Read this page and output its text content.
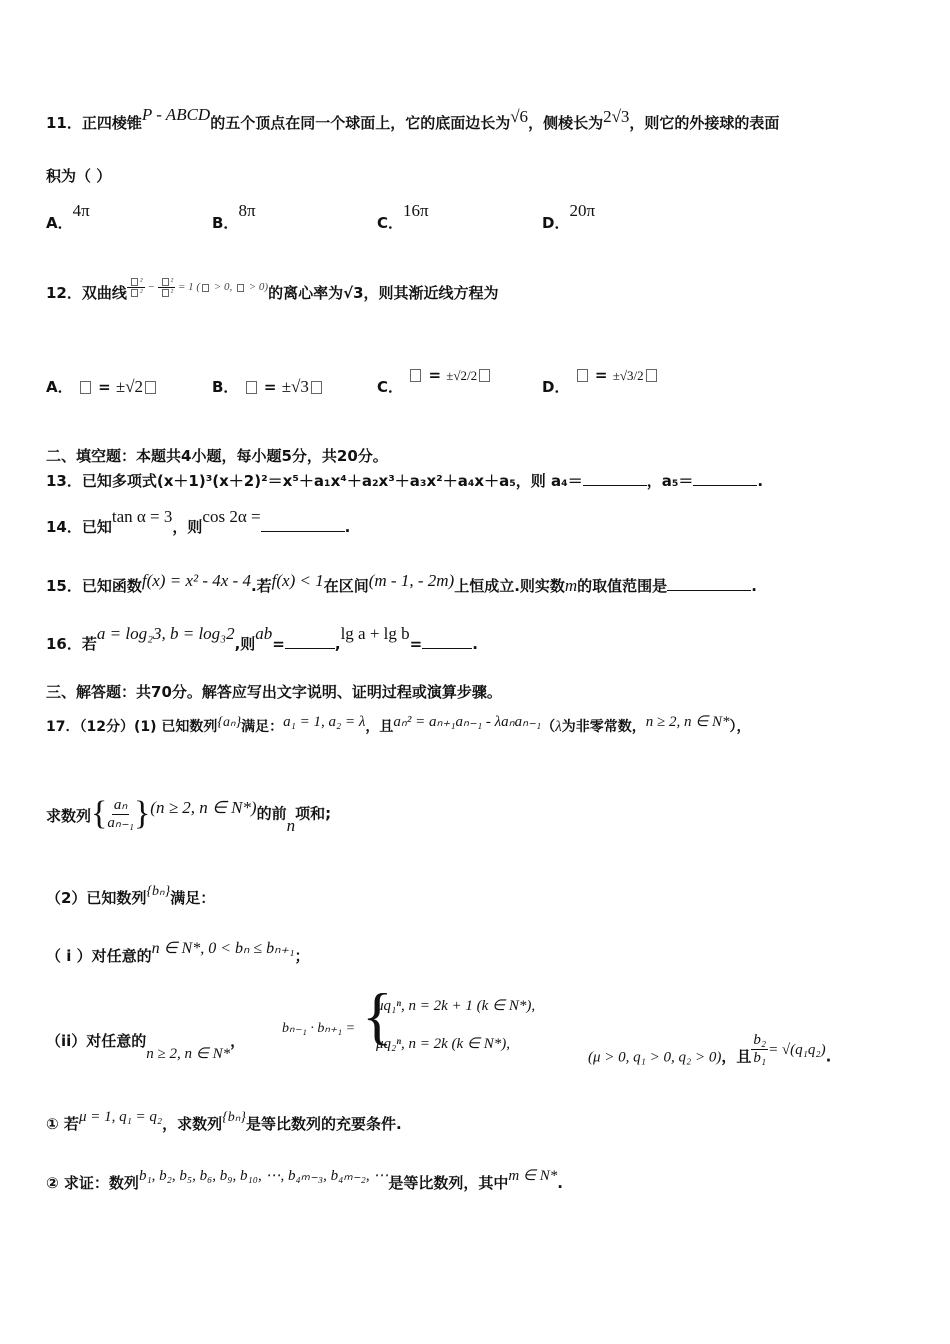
11．正四棱锥P - ABCD的五个顶点在同一个球面上，它的底面边长为√6，侧棱长为2√3，则它的外接球的表面
积为（ ）
A．4π
B．8π
C．16π
D．20π
12．双曲线 $\frac{\text{²}}{\text{²}} - \frac{\text{²}}{\text{²}} = 1$ ( > 0,  > 0)的离心率为√3，则其渐近线方程为
A．  = ±√2	B．  = ±√3	C．  = ±√2/2
D．  = ±√3/2
二、填空题：本题共4小题，每小题5分，共20分。
13．已知多项式(x＋1)³(x＋2)²＝x⁵＋a₁x⁴＋a₂x³＋a₃x²＋a₄x＋a₅，则 a₄＝	，a₅＝	.
14．已知tan α = 3，则cos 2α =.
15．已知函数f(x) = x² - 4x - 4.若f(x) < 1在区间(m - 1, - 2m)上恒成立.则实数m的取值范围是	.
16．若a = log₂3, b = log₃2,则ab=	,lg a + lg b=	.
三、解答题：共70分。解答应写出文字说明、证明过程或演算步骤。
17．（12分）(1) 已知数列{aₙ}满足：a₁ = 1, a₂ = λ，且aₙ² = aₙ₊₁aₙ₋₁ - λaₙaₙ₋₁（λ为非零常数，n ≥ 2, n ∈ N*），
求数列{ $\frac{\text{aₙ}}{\text{aₙ₋₁}} \}(n \ge 2$, n ∈ N*)的前n项和;
（2）已知数列{bₙ}满足：
（ i ）对任意的n ∈ N*, 0 < bₙ ≤ bₙ₊₁；
（ii）对任意的n ≥ 2, n ∈ N*，
bₙ₋₁ · bₙ₊₁ = {
μq₁ⁿ, n = 2k + 1 (k ∈ N*),
μq₂ⁿ, n = 2k (k ∈ N*),
(μ > 0, q₁ > 0, q₂ > 0)，且 $\frac{\text{b₂}}{\text{b₁}} = √(q_1q_2)$.
① 若μ = 1, q₁ = q₂，求数列{bₙ}是等比数列的充要条件.
② 求证：数列b₁, b₂, b₅, b₆, b₉, b₁₀, ⋯, b₄ₘ₋₃, b₄ₘ₋₂, ⋯是等比数列，其中m ∈ N*.
